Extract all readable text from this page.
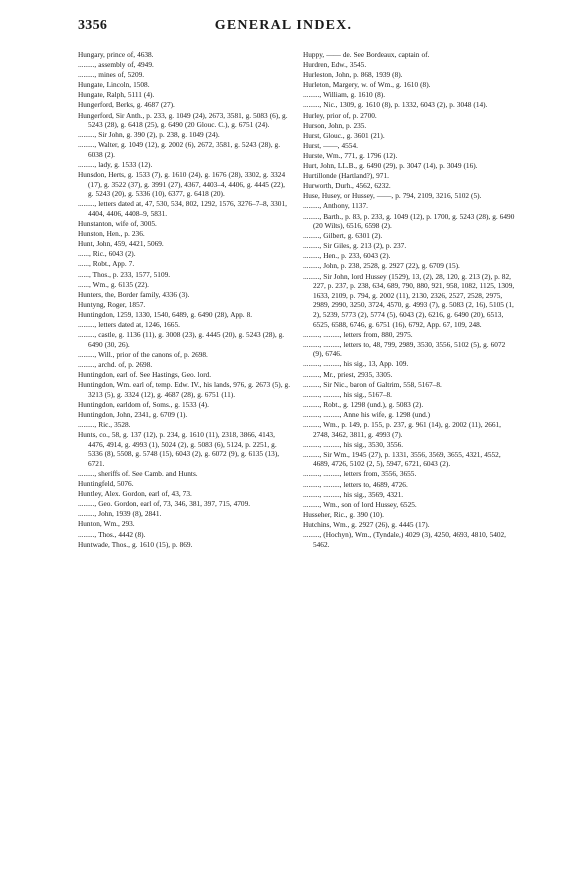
3356	GENERAL INDEX.

Hungary, prince of, 4638.

........., assembly of, 4949.

........., mines of, 5209.

Hungate, Lincoln, 1508.

Hungate, Ralph, 5111 (4).

Hungerford, Berks, g. 4687 (27).

Hungerford, Sir Anth., p. 233, g. 1049 (24), 2673, 3581, g. 5083 (6), g. 5243 (28), g. 6418 (25), g. 6490 (20 Glouc. C.), g. 6751 (24).

........., Sir John, g. 390 (2), p. 238, g. 1049 (24).

........., Walter, g. 1049 (12), g. 2002 (6), 2672, 3581, g. 5243 (28), g. 6038 (2).

........., lady, g. 1533 (12).

Hunsdon, Herts, g. 1533 (7), g. 1610 (24), g. 1676 (28), 3302, g. 3324 (17), g. 3522 (37), g. 3991 (27), 4367, 4403–4, 4406, g. 4445 (22), g. 5243 (20), g. 5336 (10), 6377, g. 6418 (20).

........., letters dated at, 47, 530, 534, 802, 1292, 1576, 3276–7–8, 3301, 4404, 4406, 4408–9, 5831.

Hunstanton, wife of, 3005.

Hunston, Hen., p. 236.

Hunt, John, 459, 4421, 5069.

......, Ric., 6043 (2).

......, Robt., App. 7.

......, Thos., p. 233, 1577, 5109.

......, Wm., g. 6135 (22).

Hunters, the, Border family, 4336 (3).

Huntyng, Roger, 1857.

Huntingdon, 1259, 1330, 1540, 6489, g. 6490 (28), App. 8.

........., letters dated at, 1246, 1665.

........., castle, g. 1136 (11), g. 3008 (23), g. 4445 (20), g. 5243 (28), g. 6490 (30, 26).

........., Will., prior of the canons of, p. 2698.

........., archd. of, p. 2698.

Huntingdon, earl of. See Hastings, Geo. lord.

Huntingdon, Wm. earl of, temp. Edw. IV., his lands, 976, g. 2673 (5), g. 3213 (5), g. 3324 (12), g. 4687 (28), g. 6751 (11).

Huntingdon, earldom of, Soms., g. 1533 (4).

Huntingdon, John, 2341, g. 6709 (1).

........., Ric., 3528.

Hunts, co., 58, g. 137 (12), p. 234, g. 1610 (11), 2318, 3866, 4143, 4476, 4914, g. 4993 (1), 5024 (2), g. 5083 (6), 5124, p. 2251, g. 5336 (8), 5508, g. 5748 (15), 6043 (2), g. 6072 (9), g. 6135 (13), 6721.

........., sheriffs of. See Camb. and Hunts.

Huntingfeld, 5076.

Huntley, Alex. Gordon, earl of, 43, 73.

........., Geo. Gordon, earl of, 73, 346, 381, 397, 715, 4709.

........., John, 1939 (8), 2841.

Hunton, Wm., 293.

........., Thos., 4442 (8).

Huntwade, Thos., g. 1610 (15), p. 869.

Huppy, —— de. See Bordeaux, captain of.

Hurdren, Edw., 3545.

Hurleston, John, p. 868, 1939 (8).

Hurleton, Margery, w. of Wm., g. 1610 (8).

........., William, g. 1610 (8).

........., Nic., 1309, g. 1610 (8), p. 1332, 6043 (2), p. 3048 (14).

Hurley, prior of, p. 2700.

Hurson, John, p. 235.

Hurst, Glouc., g. 3601 (21).

Hurst, ——, 4554.

Hurste, Wm., 771, g. 1796 (12).

Hurt, John, LL.B., g. 6490 (29), p. 3047 (14), p. 3049 (16).

Hurtillonde (Hartland?), 971.

Hurworth, Durh., 4562, 6232.

Huse, Husey, or Hussey, ——, p. 794, 2109, 3216, 5102 (5).

........., Anthony, 1137.

........., Barth., p. 83, p. 233, g. 1049 (12), p. 1700, g. 5243 (28), g. 6490 (20 Wilts), 6516, 6598 (2).

........., Gilbert, g. 6301 (2).

........., Sir Giles, g. 213 (2), p. 237.

........., Hen., p. 233, 6043 (2).

........., John, p. 238, 2528, g. 2927 (22), g. 6709 (15).

........., Sir John, lord Hussey (1529), 13, (2), 28, 120, g. 213 (2), p. 82, 227, p. 237, p. 238, 634, 689, 790, 880, 921, 958, 1082, 1125, 1309, 1633, 2109, p. 794, g. 2002 (11), 2130, 2326, 2527, 2528, 2975, 2989, 2990, 3250, 3724, 4570, g. 4993 (7), g. 5083 (2, 16), 5105 (1, 2), 5239, 5773 (2), 5774 (5), 6043 (2), 6216, g. 6490 (20), 6513, 6525, 6588, 6746, g. 6751 (16), 6792, App. 67, 109, 248.

........., ........., letters from, 880, 2975.

........., ........., letters to, 48, 799, 2989, 3530, 3556, 5102 (5), g. 6072 (9), 6746.

........., ........., his sig., 13, App. 109.

........., Mr., priest, 2935, 3305.

........., Sir Nic., baron of Galtrim, 558, 5167–8.

........., ........., his sig., 5167–8.

........., Robt., g. 1298 (und.), g. 5083 (2).

........., ........., Anne his wife, g. 1298 (und.)

........., Wm., p. 149, p. 155, p. 237, g. 961 (14), g. 2002 (11), 2661, 2748, 3462, 3811, g. 4993 (7).

........., ........., his sig., 3530, 3556.

........., Sir Wm., 1945 (27), p. 1331, 3556, 3569, 3655, 4321, 4552, 4689, 4726, 5102 (2, 5), 5947, 6721, 6043 (2).

........., ........., letters from, 3556, 3655.

........., ........., letters to, 4689, 4726.

........., ........., his sig., 3569, 4321.

........., Wm., son of lord Hussey, 6525.

Husseher, Ric., g. 390 (10).

Hutchins, Wm., g. 2927 (26), g. 4445 (17).

........., (Hochyn), Wm., (Tyndale,) 4029 (3), 4250, 4693, 4810, 5402, 5462.
